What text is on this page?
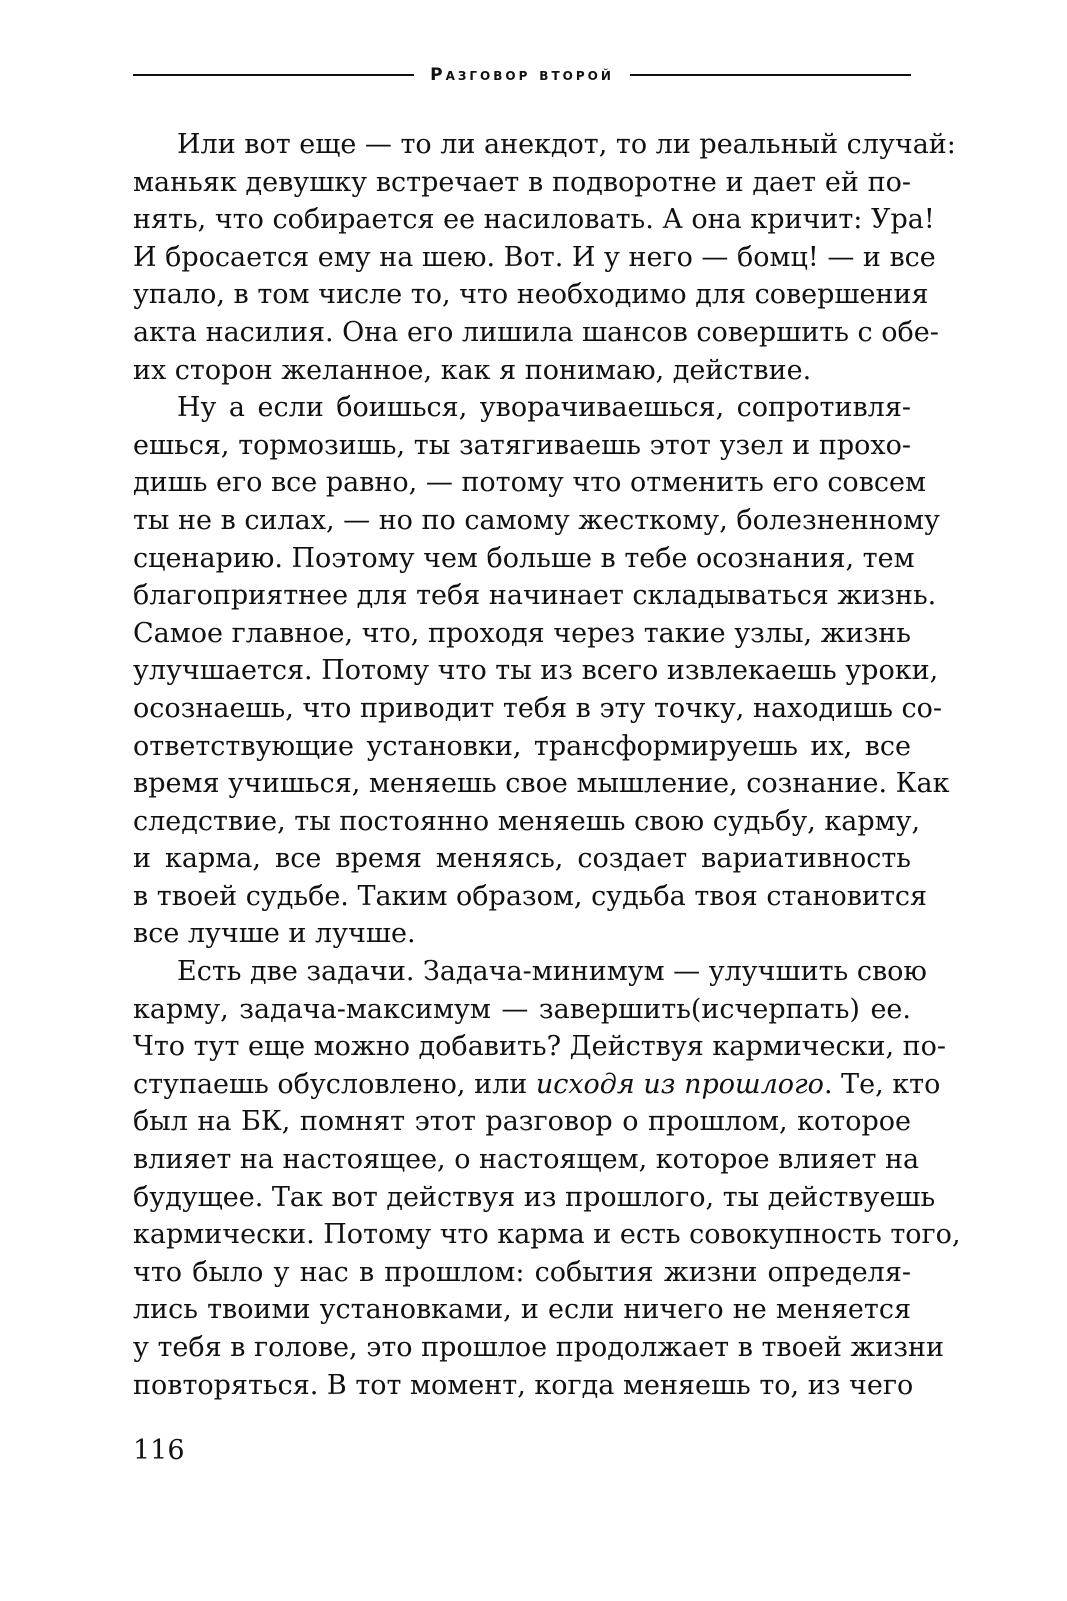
Разговор второй
Или вот еще — то ли анекдот, то ли реальный случай:
маньяк девушку встречает в подворотне и дает ей по-
нять, что собирается ее насиловать. А она кричит: Ура!
И бросается ему на шею. Вот. И у него — бомц! — и все
упало, в том числе то, что необходимо для совершения
акта насилия. Она его лишила шансов совершить с обе-
их сторон желанное, как я понимаю, действие.
Ну а если боишься, уворачиваешься, сопротивля-
ешься, тормозишь, ты затягиваешь этот узел и прохо-
дишь его все равно, — потому что отменить его совсем
ты не в силах, — но по самому жесткому, болезненному
сценарию. Поэтому чем больше в тебе осознания, тем
благоприятнее для тебя начинает складываться жизнь.
Самое главное, что, проходя через такие узлы, жизнь
улучшается. Потому что ты из всего извлекаешь уроки,
осознаешь, что приводит тебя в эту точку, находишь со-
ответствующие установки, трансформируешь их, все
время учишься, меняешь свое мышление, сознание. Как
следствие, ты постоянно меняешь свою судьбу, карму,
и карма, все время меняясь, создает вариативность
в твоей судьбе. Таким образом, судьба твоя становится
все лучше и лучше.
Есть две задачи. Задача-минимум — улучшить свою
карму, задача-максимум — завершить(исчерпать) ее.
Что тут еще можно добавить? Действуя кармически, по-
ступаешь обусловлено, или исходя из прошлого. Те, кто
был на БК, помнят этот разговор о прошлом, которое
влияет на настоящее, о настоящем, которое влияет на
будущее. Так вот действуя из прошлого, ты действуешь
кармически. Потому что карма и есть совокупность того,
что было у нас в прошлом: события жизни определя-
лись твоими установками, и если ничего не меняется
у тебя в голове, это прошлое продолжает в твоей жизни
повторяться. В тот момент, когда меняешь то, из чего
116
